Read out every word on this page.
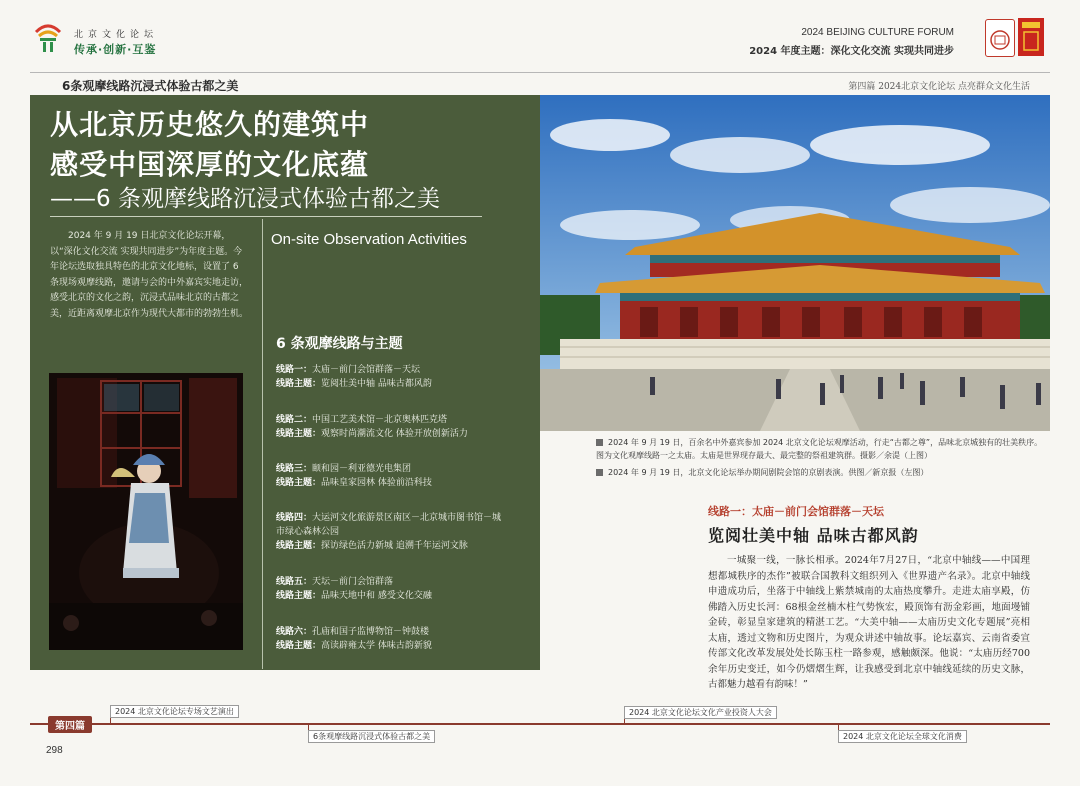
北京文化论坛
传承·创新·互鉴
2024 BEIJING CULTURE FORUM
2024 年度主题：深化文化交流 实现共同进步
6条观摩线路沉浸式体验古都之美	第四篇 2024北京文化论坛 点亮群众文化生活
从北京历史悠久的建筑中
感受中国深厚的文化底蕴
——6 条观摩线路沉浸式体验古都之美
2024 年 9 月 19 日北京文化论坛开幕，以“深化文化交流 实现共同进步”为年度主题。今年论坛选取独具特色的北京文化地标，设置了 6 条现场观摩线路，邀请与会的中外嘉宾实地走访，感受北京的文化之韵，沉浸式品味北京的古都之美，近距离观摩北京作为现代大都市的勃勃生机。
On-site Observation Activities
6 条观摩线路与主题
线路一：太庙－前门会馆群落－天坛
线路主题：览阅壮美中轴 品味古都风韵
线路二：中国工艺美术馆－北京奥林匹克塔
线路主题：观察时尚潮流文化 体验开放创新活力
线路三：颐和园－利亚德光电集团
线路主题：品味皇家园林 体验前沿科技
线路四：大运河文化旅游景区南区－北京城市图书馆－城市绿心森林公园
线路主题：探访绿色活力新城 追溯千年运河文脉
线路五：天坛－前门会馆群落
线路主题：品味天地中和 感受文化交融
线路六：孔庙和国子监博物馆－钟鼓楼
线路主题：高读辟雍太学 体味古韵新貌
2024 年 9 月 19 日，百余名中外嘉宾参加 2024 北京文化论坛观摩活动，行走“古都之尊”，品味北京城独有的壮美秩序。图为文化观摩线路一之太庙。太庙是世界现存最大、最完整的祭祖建筑群。摄影／余湜（上图）
2024 年 9 月 19 日，北京文化论坛举办期间剧院会馆的京剧表演。供图／新京报（左图）
线路一：太庙－前门会馆群落－天坛
览阅壮美中轴 品味古都风韵
一城聚一线，一脉长相承。2024年7月27日，“北京中轴线——中国理想都城秩序的杰作”被联合国教科文组织列入《世界遗产名录》。北京中轴线申遗成功后，坐落于中轴线上紫禁城南的太庙热度攀升。走进太庙享殿，仿佛踏入历史长河：68根金丝楠木柱气势恢宏，殿顶饰有沥金彩画，地面墁铺金砖，彰显皇家建筑的精湛工艺。“大美中轴——太庙历史文化专题展”亮相太庙，透过文物和历史图片，为观众讲述中轴故事。论坛嘉宾、云南省委宣传部文化改革发展处处长陈玉柱一路参观，感触颇深。他说：“太庙历经700余年历史变迁，如今仍熠熠生辉，让我感受到北京中轴线延续的历史文脉，古都魅力越看有韵味！”
第四篇
2024 北京文化论坛专场文艺演出
6条观摩线路沉浸式体验古都之美
2024 北京文化论坛文化产业投资人大会
2024 北京文化论坛全球文化消费
298
